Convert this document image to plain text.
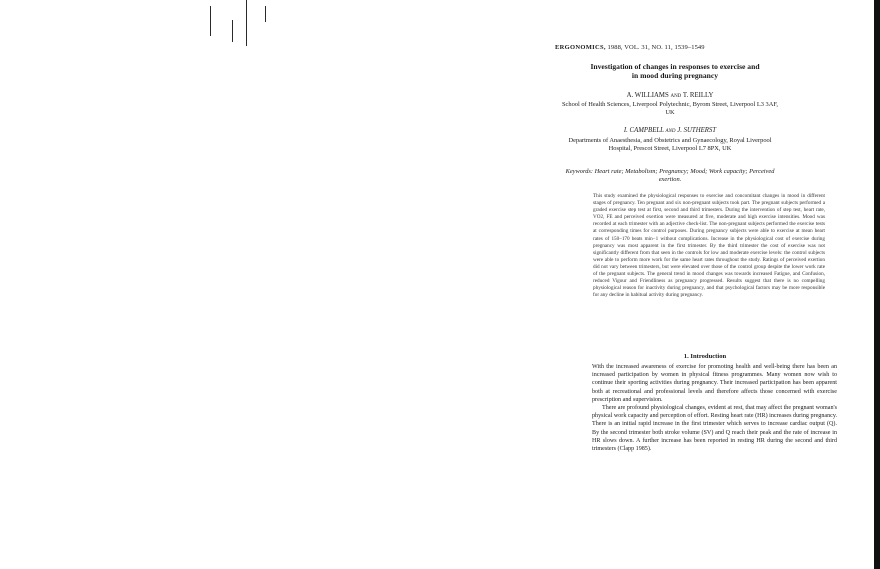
ERGONOMICS, 1988, VOL. 31, NO. 11, 1539–1549
Investigation of changes in responses to exercise and in mood during pregnancy
A. WILLIAMS and T. REILLY
School of Health Sciences, Liverpool Polytechnic, Byrom Street, Liverpool L3 3AF, UK
I. CAMPBELL and J. SUTHERST
Departments of Anaesthesia, and Obstetrics and Gynaecology, Royal Liverpool Hospital, Prescot Street, Liverpool L7 8PX, UK
Keywords: Heart rate; Metabolism; Pregnancy; Mood; Work capacity; Perceived exertion.
This study examined the physiological responses to exercise and concomitant changes in mood in different stages of pregnancy. Ten pregnant and six non-pregnant subjects took part. The pregnant subjects performed a graded exercise step test at first, second and third trimesters. During the intervention of step test, heart rate, VO2, FE and perceived exertion were measured at five, moderate and high exercise intensities. Mood was recorded at each trimester with an adjective check-list. The non-pregnant subjects performed the exercise tests at corresponding times for control purposes. During pregnancy subjects were able to exercise at mean heart rates of 150–170 beats min−1 without complications. Increase in the physiological cost of exercise during pregnancy was most apparent in the first trimester. By the third trimester the cost of exercise was not significantly different from that seen in the controls for low and moderate exercise levels: the control subjects were able to perform more work for the same heart rates throughout the study. Ratings of perceived exertion did not vary between trimesters, but were elevated over those of the control group despite the lower work rate of the pregnant subjects. The general trend in mood changes was towards increased Fatigue, and Confusion, reduced Vigour and Friendliness as pregnancy progressed. Results suggest that there is no compelling physiological reason for inactivity during pregnancy, and that psychological factors may be more responsible for any decline in habitual activity during pregnancy.
1. Introduction

With the increased awareness of exercise for promoting health and well-being there has been an increased participation by women in physical fitness programmes. Many women now wish to continue their sporting activities during pregnancy. Their increased participation has been apparent both at recreational and professional levels and therefore affects those concerned with exercise prescription and supervision.

There are profound physiological changes, evident at rest, that may affect the pregnant woman's physical work capacity and perception of effort. Resting heart rate (HR) increases during pregnancy. There is an initial rapid increase in the first trimester which serves to increase cardiac output (Q). By the second trimester both stroke volume (SV) and Q reach their peak and the rate of increase in HR slows down. A further increase has been reported in resting HR during the second and third trimesters (Clapp 1985).
